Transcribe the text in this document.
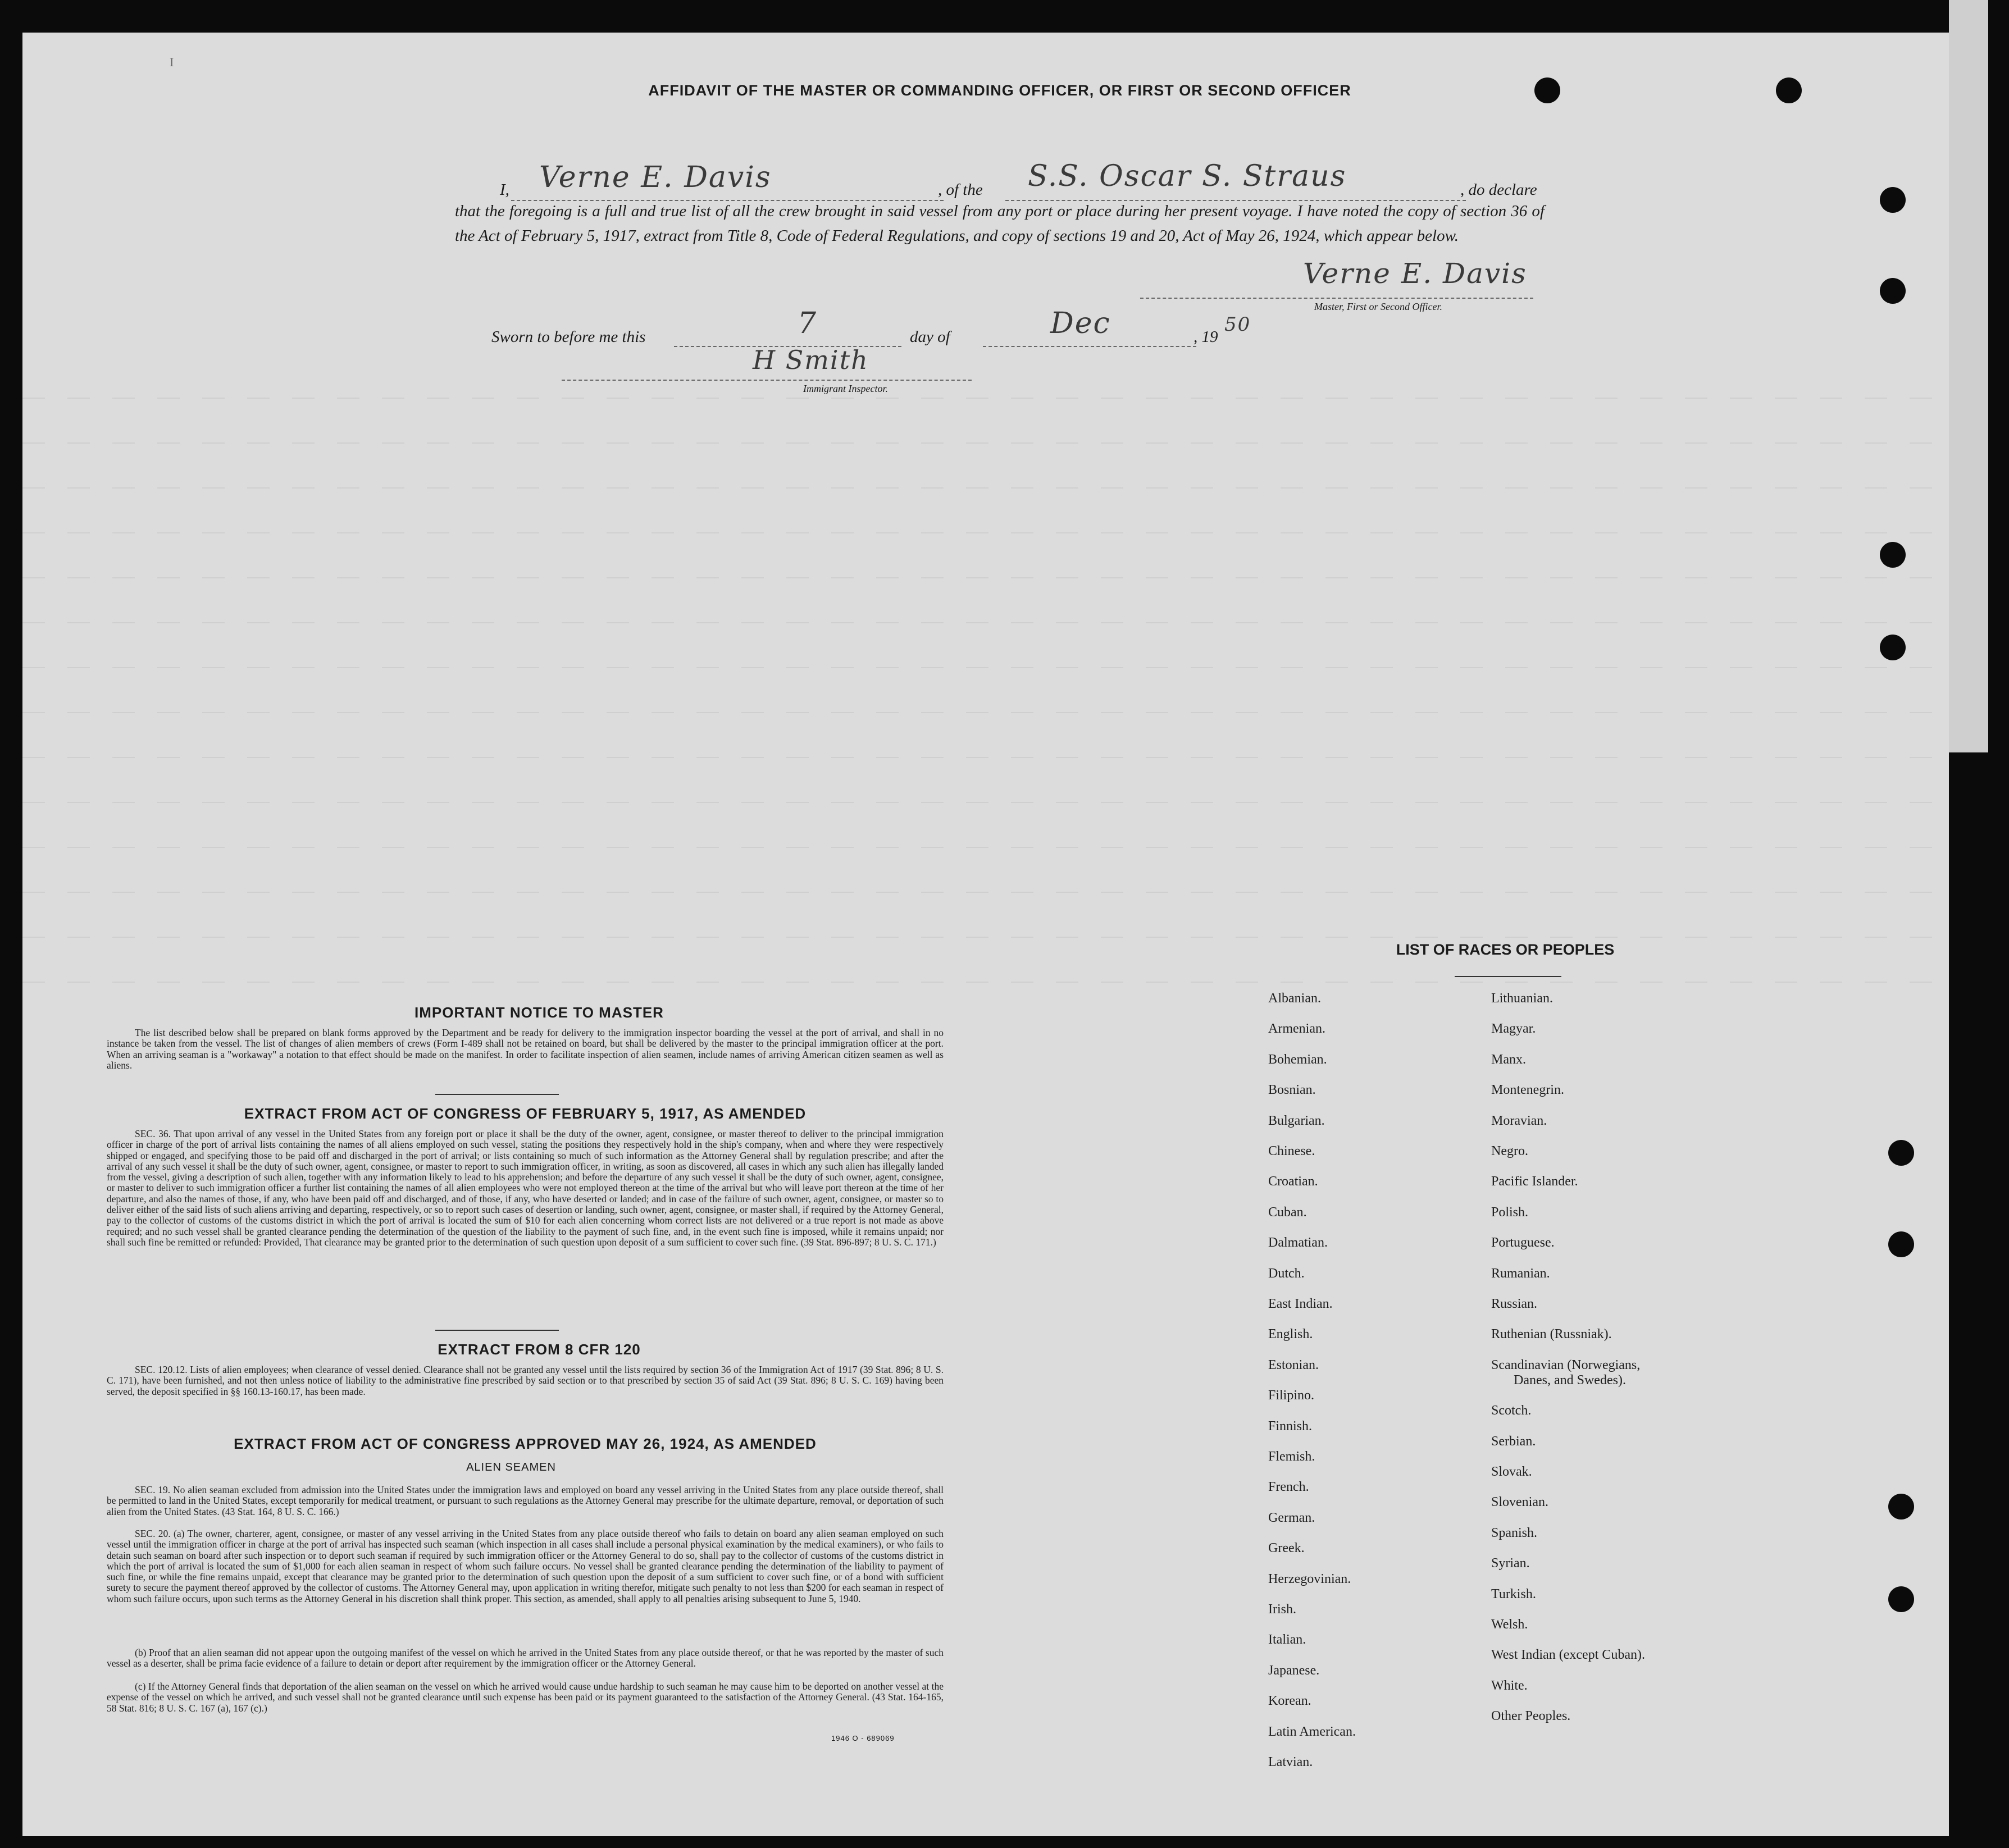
I
AFFIDAVIT OF THE MASTER OR COMMANDING OFFICER, OR FIRST OR SECOND OFFICER
I, Verne E. Davis	, of the S.S. Oscar S. Straus	, do declare
that the foregoing is a full and true list of all the crew brought in said vessel from any port or place during her present voyage. I have noted the copy of section 36 of the Act of February 5, 1917, extract from Title 8, Code of Federal Regulations, and copy of sections 19 and 20, Act of May 26, 1924, which appear below.
Verne E. Davis
Master, First or Second Officer.
Sworn to before me this	7	day of	Dec	, 19
50
H Smith
Immigrant Inspector.
IMPORTANT NOTICE TO MASTER
The list described below shall be prepared on blank forms approved by the Department and be ready for delivery to the immigration inspector boarding the vessel at the port of arrival, and shall in no instance be taken from the vessel. The list of changes of alien members of crews (Form I-489 shall not be retained on board, but shall be delivered by the master to the principal immigration officer at the port. When an arriving seaman is a "workaway" a notation to that effect should be made on the manifest. In order to facilitate inspection of alien seamen, include names of arriving American citizen seamen as well as aliens.
EXTRACT FROM ACT OF CONGRESS OF FEBRUARY 5, 1917, AS AMENDED
SEC. 36. That upon arrival of any vessel in the United States from any foreign port or place it shall be the duty of the owner, agent, consignee, or master thereof to deliver to the principal immigration officer in charge of the port of arrival lists containing the names of all aliens employed on such vessel, stating the positions they respectively hold in the ship's company, when and where they were respectively shipped or engaged, and specifying those to be paid off and discharged in the port of arrival; or lists containing so much of such information as the Attorney General shall by regulation prescribe; and after the arrival of any such vessel it shall be the duty of such owner, agent, consignee, or master to report to such immigration officer, in writing, as soon as discovered, all cases in which any such alien has illegally landed from the vessel, giving a description of such alien, together with any information likely to lead to his apprehension; and before the departure of any such vessel it shall be the duty of such owner, agent, consignee, or master to deliver to such immigration officer a further list containing the names of all alien employees who were not employed thereon at the time of the arrival but who will leave port thereon at the time of her departure, and also the names of those, if any, who have been paid off and discharged, and of those, if any, who have deserted or landed; and in case of the failure of such owner, agent, consignee, or master so to deliver either of the said lists of such aliens arriving and departing, respectively, or so to report such cases of desertion or landing, such owner, agent, consignee, or master shall, if required by the Attorney General, pay to the collector of customs of the customs district in which the port of arrival is located the sum of $10 for each alien concerning whom correct lists are not delivered or a true report is not made as above required; and no such vessel shall be granted clearance pending the determination of the question of the liability to the payment of such fine, and, in the event such fine is imposed, while it remains unpaid; nor shall such fine be remitted or refunded: Provided, That clearance may be granted prior to the determination of such question upon deposit of a sum sufficient to cover such fine. (39 Stat. 896-897; 8 U. S. C. 171.)
EXTRACT FROM 8 CFR 120
SEC. 120.12. Lists of alien employees; when clearance of vessel denied. Clearance shall not be granted any vessel until the lists required by section 36 of the Immigration Act of 1917 (39 Stat. 896; 8 U. S. C. 171), have been furnished, and not then unless notice of liability to the administrative fine prescribed by said section or to that prescribed by section 35 of said Act (39 Stat. 896; 8 U. S. C. 169) having been served, the deposit specified in §§ 160.13-160.17, has been made.
EXTRACT FROM ACT OF CONGRESS APPROVED MAY 26, 1924, AS AMENDED
ALIEN SEAMEN
SEC. 19. No alien seaman excluded from admission into the United States under the immigration laws and employed on board any vessel arriving in the United States from any place outside thereof, shall be permitted to land in the United States, except temporarily for medical treatment, or pursuant to such regulations as the Attorney General may prescribe for the ultimate departure, removal, or deportation of such alien from the United States. (43 Stat. 164, 8 U. S. C. 166.)
SEC. 20. (a) The owner, charterer, agent, consignee, or master of any vessel arriving in the United States from any place outside thereof who fails to detain on board any alien seaman employed on such vessel until the immigration officer in charge at the port of arrival has inspected such seaman (which inspection in all cases shall include a personal physical examination by the medical examiners), or who fails to detain such seaman on board after such inspection or to deport such seaman if required by such immigration officer or the Attorney General to do so, shall pay to the collector of customs of the customs district in which the port of arrival is located the sum of $1,000 for each alien seaman in respect of whom such failure occurs. No vessel shall be granted clearance pending the determination of the liability to payment of such fine, or while the fine remains unpaid, except that clearance may be granted prior to the determination of such question upon the deposit of a sum sufficient to cover such fine, or of a bond with sufficient surety to secure the payment thereof approved by the collector of customs. The Attorney General may, upon application in writing therefor, mitigate such penalty to not less than $200 for each seaman in respect of whom such failure occurs, upon such terms as the Attorney General in his discretion shall think proper. This section, as amended, shall apply to all penalties arising subsequent to June 5, 1940.
(b) Proof that an alien seaman did not appear upon the outgoing manifest of the vessel on which he arrived in the United States from any place outside thereof, or that he was reported by the master of such vessel as a deserter, shall be prima facie evidence of a failure to detain or deport after requirement by the immigration officer or the Attorney General.
(c) If the Attorney General finds that deportation of the alien seaman on the vessel on which he arrived would cause undue hardship to such seaman he may cause him to be deported on another vessel at the expense of the vessel on which he arrived, and such vessel shall not be granted clearance until such expense has been paid or its payment guaranteed to the satisfaction of the Attorney General. (43 Stat. 164-165, 58 Stat. 816; 8 U. S. C. 167 (a), 167 (c).)
1946 O - 689069
LIST OF RACES OR PEOPLES
Albanian.
Armenian.
Bohemian.
Bosnian.
Bulgarian.
Chinese.
Croatian.
Cuban.
Dalmatian.
Dutch.
East Indian.
English.
Estonian.
Filipino.
Finnish.
Flemish.
French.
German.
Greek.
Herzegovinian.
Irish.
Italian.
Japanese.
Korean.
Latin American.
Latvian.
Lithuanian.
Magyar.
Manx.
Montenegrin.
Moravian.
Negro.
Pacific Islander.
Polish.
Portuguese.
Rumanian.
Russian.
Ruthenian (Russniak).
Scandinavian (Norwegians,
Danes, and Swedes).
Scotch.
Serbian.
Slovak.
Slovenian.
Spanish.
Syrian.
Turkish.
Welsh.
West Indian (except Cuban).
White.
Other Peoples.
